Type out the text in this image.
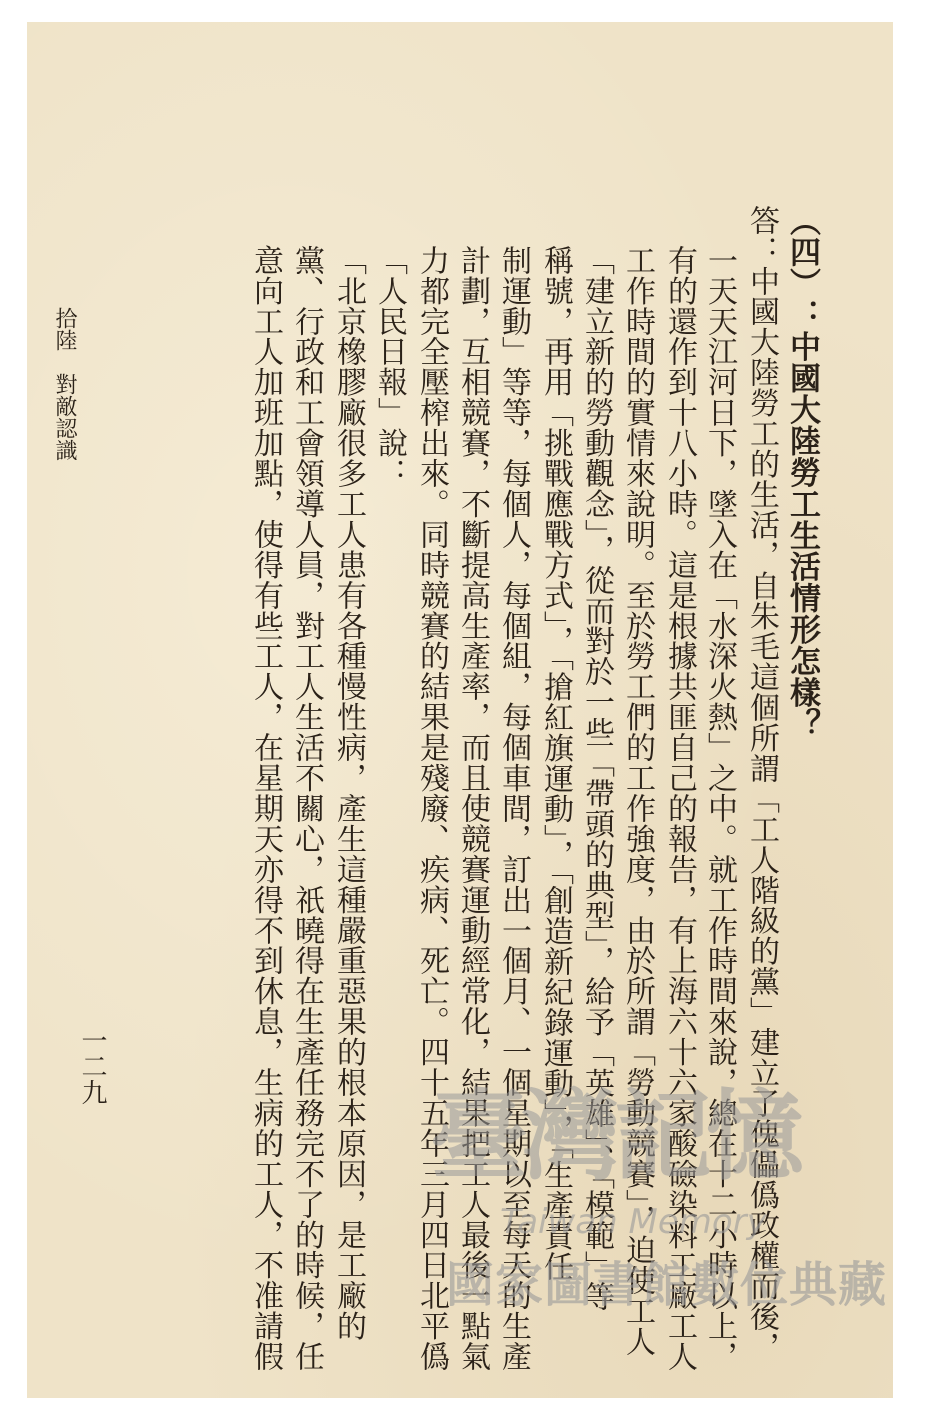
（四）：中國大陸勞工生活情形怎樣？
答：中國大陸勞工的生活，自朱毛這個所謂「工人階級的黨」建立了傀儡僞政權而後，
一天天江河日下，墜入在「水深火熱」之中。就工作時間來說，總在十二小時以上，
有的還作到十八小時。這是根據共匪自己的報告，有上海六十六家酸礆染料工廠工人
工作時間的實情來說明。至於勞工們的工作強度，由於所謂「勞動競賽」，迫使工人
「建立新的勞動觀念」，從而對於一些「帶頭的典型」，給予「英雄」、「模範」等
稱號，再用「挑戰應戰方式」，「搶紅旗運動」，「創造新紀錄運動」，「生產責任
制運動」等等，每個人，每個組，每個車間，訂出一個月、一個星期以至每天的生產
計劃，互相競賽，不斷提高生產率，而且使競賽運動經常化，結果把工人最後一點氣
力都完全壓榨出來。同時競賽的結果是殘廢、疾病、死亡。四十五年三月四日北平僞
「人民日報」說：
「北京橡膠廠很多工人患有各種慢性病，產生這種嚴重惡果的根本原因，是工廠的
黨、行政和工會領導人員，對工人生活不關心，祇曉得在生產任務完不了的時候，任
意向工人加班加點，使得有些工人，在星期天亦得不到休息，生病的工人，不准請假
拾陸　對敵認識
一二九
臺灣記憶
Taiwan Memory
國家圖書館數位典藏
